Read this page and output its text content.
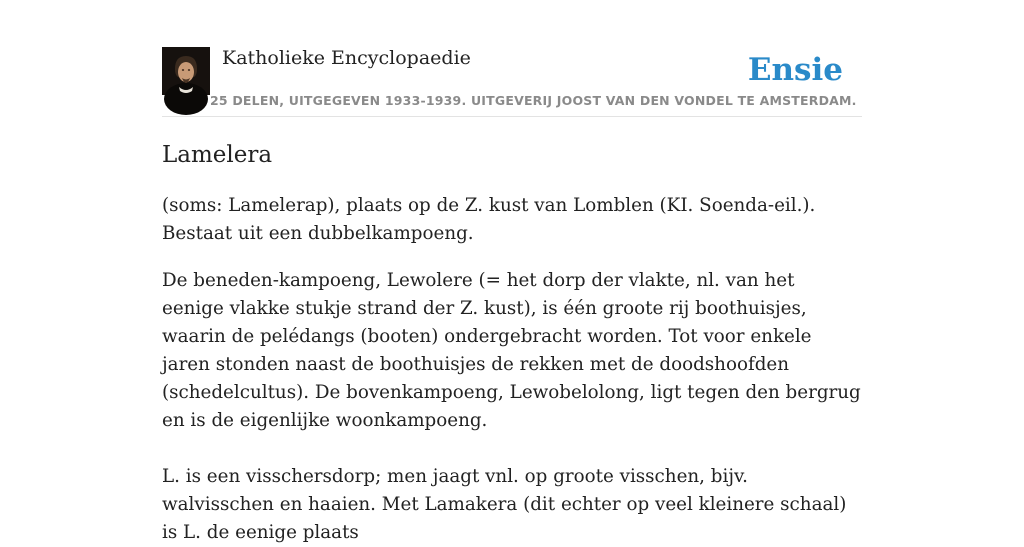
Katholieke Encyclopaedie
25 DELEN, UITGEGEVEN 1933-1939. UITGEVERIJ JOOST VAN DEN VONDEL TE AMSTERDAM.
Ensie
Lamelera

(soms: Lamelerap), plaats op de Z. kust van Lomblen (KI. Soenda-eil.). Bestaat uit een dubbelkampoeng.

De beneden-kampoeng, Lewolere (= het dorp der vlakte, nl. van het eenige vlakke stukje strand der Z. kust), is één groote rij boothuisjes, waarin de pelédangs (booten) ondergebracht worden. Tot voor enkele jaren stonden naast de boothuisjes de rekken met de doodshoofden (schedelcultus). De bovenkampoeng, Lewobelolong, ligt tegen den bergrug en is de eigenlijke woonkampoeng.

L. is een visschersdorp; men jaagt vnl. op groote visschen, bijv. walvisschen en haaien. Met Lamakera (dit echter op veel kleinere schaal) is L. de eenige plaats
